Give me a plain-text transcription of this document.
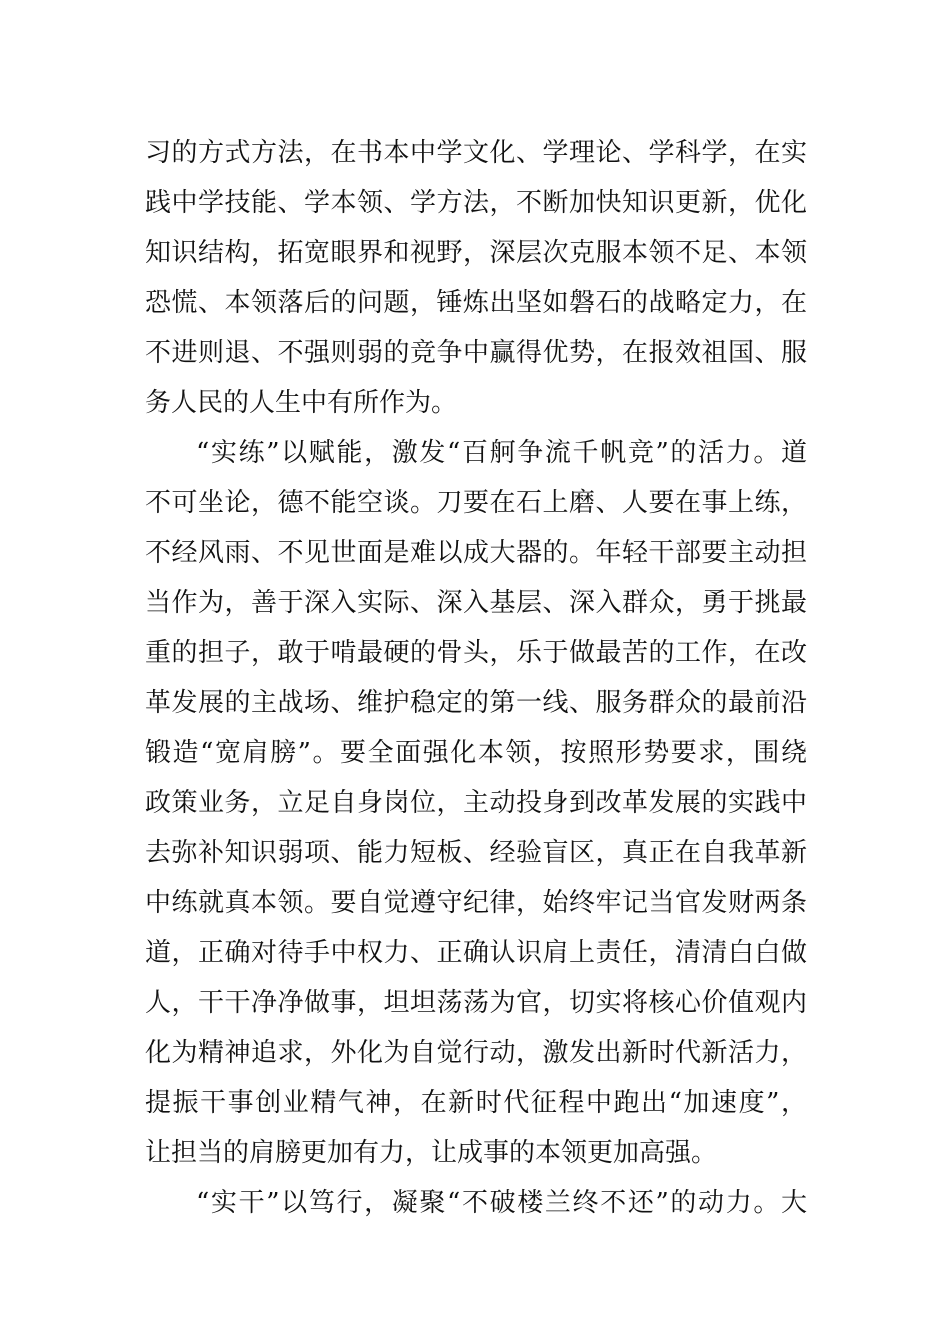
习的方式方法，在书本中学文化、学理论、学科学，在实
践中学技能、学本领、学方法，不断加快知识更新，优化
知识结构，拓宽眼界和视野，深层次克服本领不足、本领
恐慌、本领落后的问题，锤炼出坚如磐石的战略定力，在
不进则退、不强则弱的竞争中赢得优势，在报效祖国、服
务人民的人生中有所作为。
“实练”以赋能，激发“百舸争流千帆竞”的活力。道
不可坐论，德不能空谈。刀要在石上磨、人要在事上练，
不经风雨、不见世面是难以成大器的。年轻干部要主动担
当作为，善于深入实际、深入基层、深入群众，勇于挑最
重的担子，敢于啃最硬的骨头，乐于做最苦的工作，在改
革发展的主战场、维护稳定的第一线、服务群众的最前沿
锻造“宽肩膀”。要全面强化本领，按照形势要求，围绕
政策业务，立足自身岗位，主动投身到改革发展的实践中
去弥补知识弱项、能力短板、经验盲区，真正在自我革新
中练就真本领。要自觉遵守纪律，始终牢记当官发财两条
道，正确对待手中权力、正确认识肩上责任，清清白白做
人，干干净净做事，坦坦荡荡为官，切实将核心价值观内
化为精神追求，外化为自觉行动，激发出新时代新活力，
提振干事创业精气神，在新时代征程中跑出“加速度”，
让担当的肩膀更加有力，让成事的本领更加高强。
“实干”以笃行，凝聚“不破楼兰终不还”的动力。大
